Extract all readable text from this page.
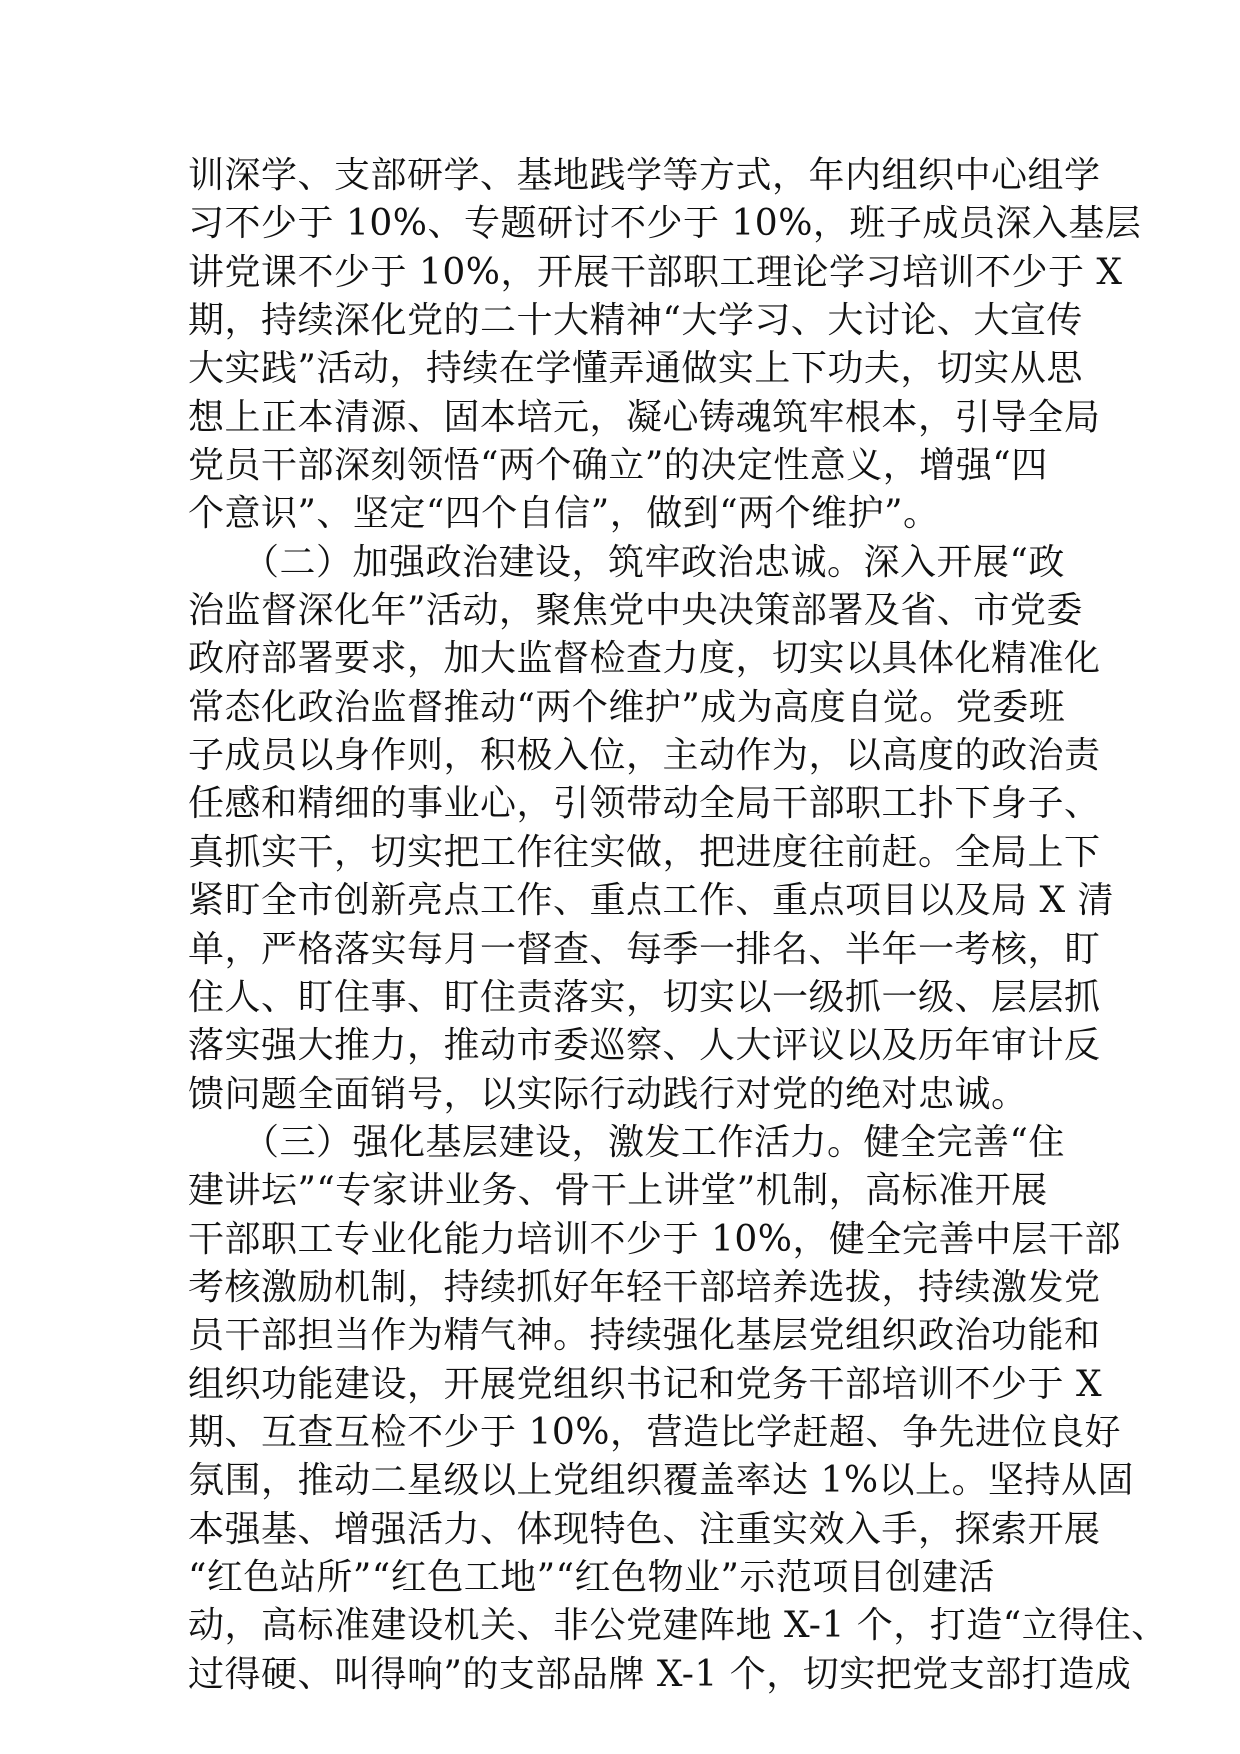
训深学、支部研学、基地践学等方式，年内组织中心组学
习不少于 10%、专题研讨不少于 10%，班子成员深入基层
讲党课不少于 10%，开展干部职工理论学习培训不少于 X
期，持续深化党的二十大精神“大学习、大讨论、大宣传
大实践”活动，持续在学懂弄通做实上下功夫，切实从思
想上正本清源、固本培元，凝心铸魂筑牢根本，引导全局
党员干部深刻领悟“两个确立”的决定性意义，增强“四
个意识”、坚定“四个自信”，做到“两个维护”。
　　（二）加强政治建设，筑牢政治忠诚。深入开展“政
治监督深化年”活动，聚焦党中央决策部署及省、市党委
政府部署要求，加大监督检查力度，切实以具体化精准化
常态化政治监督推动“两个维护”成为高度自觉。党委班
子成员以身作则，积极入位，主动作为，以高度的政治责
任感和精细的事业心，引领带动全局干部职工扑下身子、
真抓实干，切实把工作往实做，把进度往前赶。全局上下
紧盯全市创新亮点工作、重点工作、重点项目以及局 X 清
单，严格落实每月一督查、每季一排名、半年一考核，盯
住人、盯住事、盯住责落实，切实以一级抓一级、层层抓
落实强大推力，推动市委巡察、人大评议以及历年审计反
馈问题全面销号，以实际行动践行对党的绝对忠诚。
　　（三）强化基层建设，激发工作活力。健全完善“住
建讲坛”“专家讲业务、骨干上讲堂”机制，高标准开展
干部职工专业化能力培训不少于 10%，健全完善中层干部
考核激励机制，持续抓好年轻干部培养选拔，持续激发党
员干部担当作为精气神。持续强化基层党组织政治功能和
组织功能建设，开展党组织书记和党务干部培训不少于 X
期、互查互检不少于 10%，营造比学赶超、争先进位良好
氛围，推动二星级以上党组织覆盖率达 1%以上。坚持从固
本强基、增强活力、体现特色、注重实效入手，探索开展
“红色站所”“红色工地”“红色物业”示范项目创建活
动，高标准建设机关、非公党建阵地 X-1 个，打造“立得住、
过得硬、叫得响”的支部品牌 X-1 个，切实把党支部打造成
